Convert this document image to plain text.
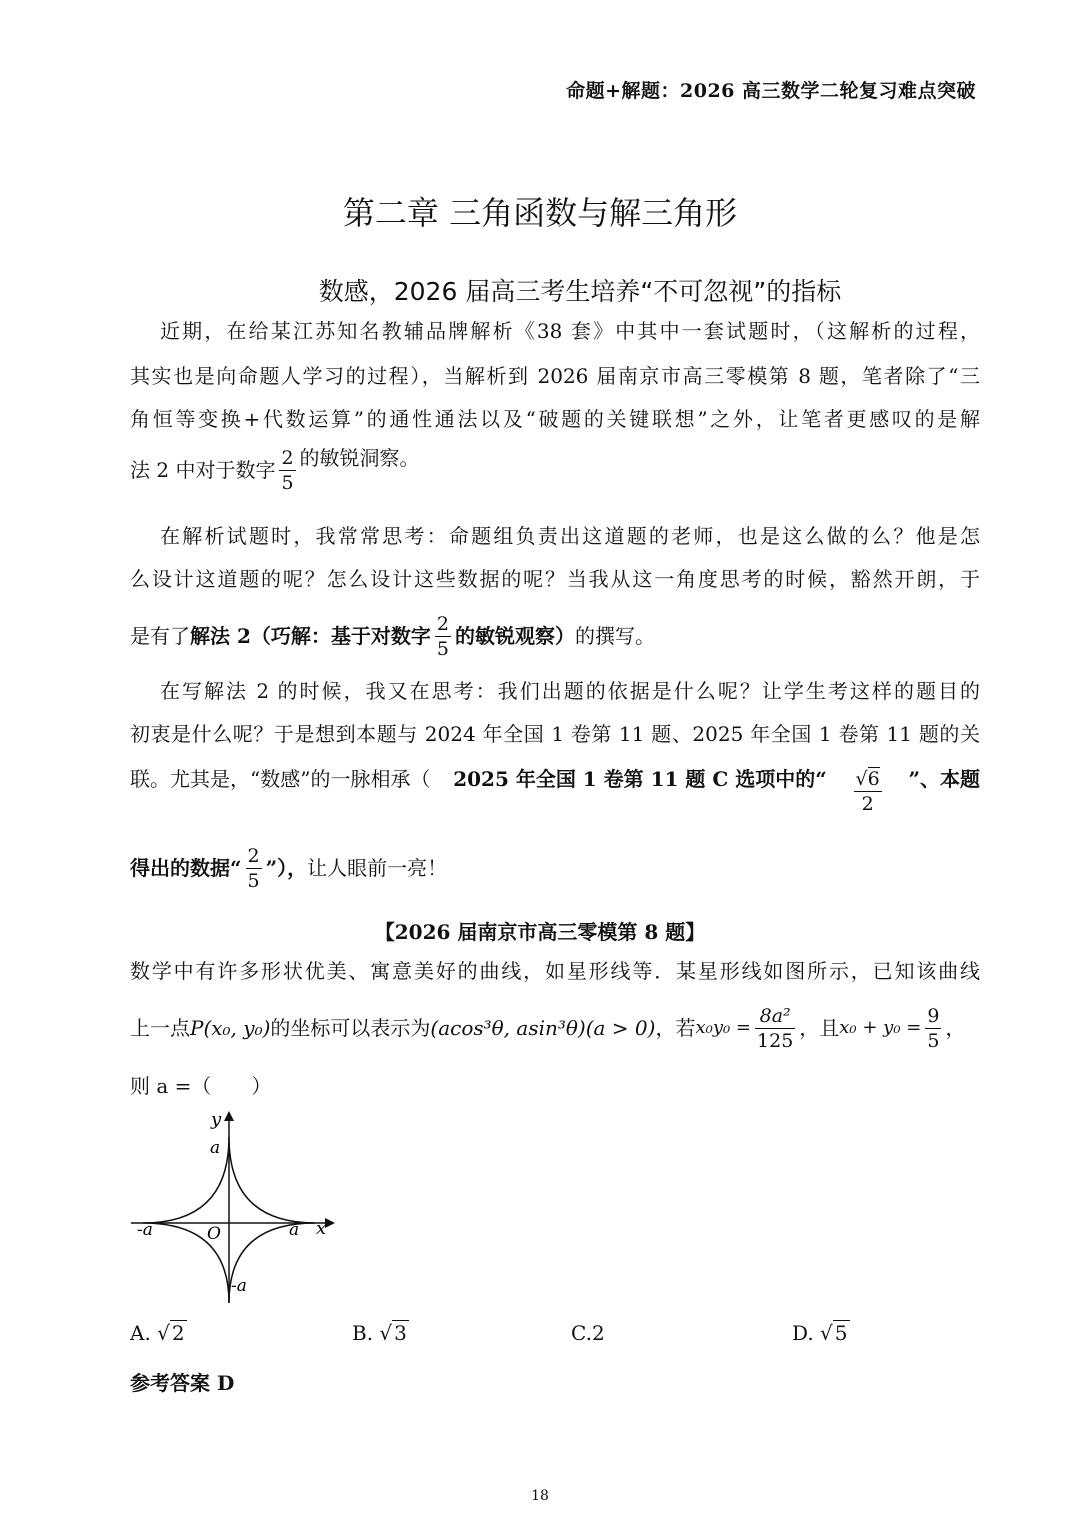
命题+解题：2026 高三数学二轮复习难点突破
第二章 三角函数与解三角形
数感，2026 届高三考生培养“不可忽视”的指标
近期，在给某江苏知名教辅品牌解析《38 套》中其中一套试题时，（这解析的过程，
其实也是向命题人学习的过程），当解析到 2026 届南京市高三零模第 8 题，笔者除了“三
角恒等变换+代数运算”的通性通法以及“破题的关键联想”之外，让笔者更感叹的是解
法 2 中对于数字 $\frac{2}{5}$ 的敏锐洞察。
在解析试题时，我常常思考：命题组负责出这道题的老师，也是这么做的么？他是怎
么设计这道题的呢？怎么设计这些数据的呢？当我从这一角度思考的时候，豁然开朗，于
是有了 解法 2（巧解：基于对数字 $\frac{2}{5}$ 的敏锐观察） 的撰写。
在写解法 2 的时候，我又在思考：我们出题的依据是什么呢？让学生考这样的题目的
初衷是什么呢？于是想到本题与 2024 年全国 1 卷第 11 题、2025 年全国 1 卷第 11 题的关
联。尤其是，“数感”的一脉相承（ 2025 年全国 1 卷第 11 题 C 选项中的“ $\frac{√6}{2}$ ”、本题
得出的数据“ $\frac{2}{5}$ ”）， 让人眼前一亮！
【2026 届南京市高三零模第 8 题】
数学中有许多形状优美、寓意美好的曲线，如星形线等．某星形线如图所示，已知该曲线
上一点 P(x₀, y₀) 的坐标可以表示为 (acos³θ, asin³θ)(a > 0) ，若 $x_0y_0 = \frac{\text{8a²}}{125}$ ，且 $x_0 + y_0 = \frac{9}{5}$ ，
则 a =（　　）
y
x
a
-a
-a	a
O
A. √ 2	B. √ 3	C.2	D. √ 5
参考答案 D
18
